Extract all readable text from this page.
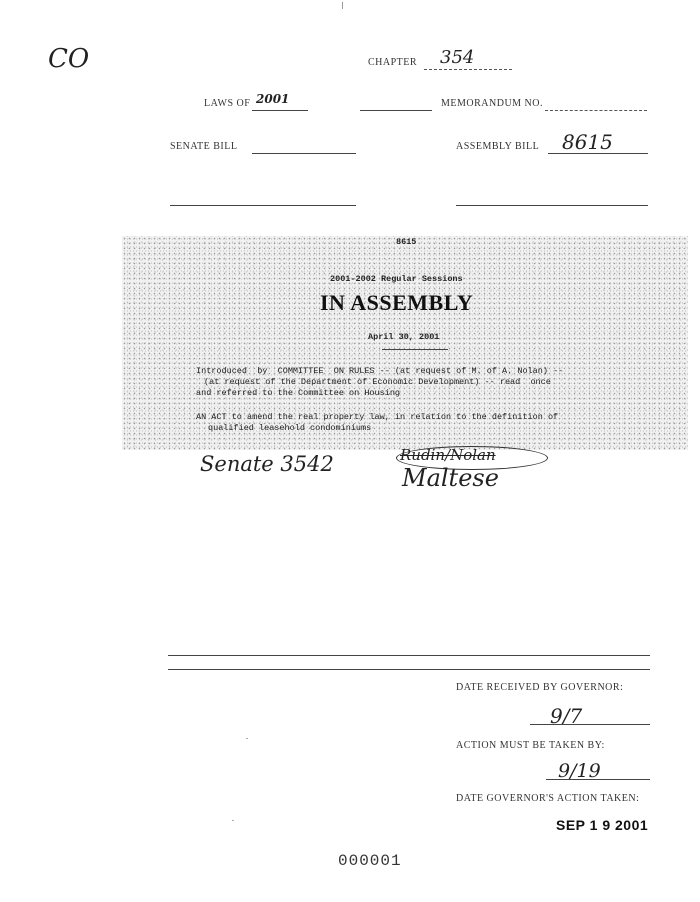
CO	CHAPTER 354
LAWS OF 2001	MEMORANDUM NO.
SENATE BILL	ASSEMBLY BILL 8615
8615
2001-2002 Regular Sessions
IN ASSEMBLY
April 30, 2001
Introduced  by  COMMITTEE  ON RULES -- (at request of M. of A. Nolan) --
(at request of the Department of Economic Development) -- read  once
and referred to the Committee on Housing
AN ACT to amend the real property law, in relation to the definition of
qualified leasehold condominiums
Senate 3542	Rudin/Nolan
Maltese
DATE RECEIVED BY GOVERNOR:
9/7
ACTION MUST BE TAKEN BY:
9/19
DATE GOVERNOR'S ACTION TAKEN:
SEP 1 9 2001
000001
